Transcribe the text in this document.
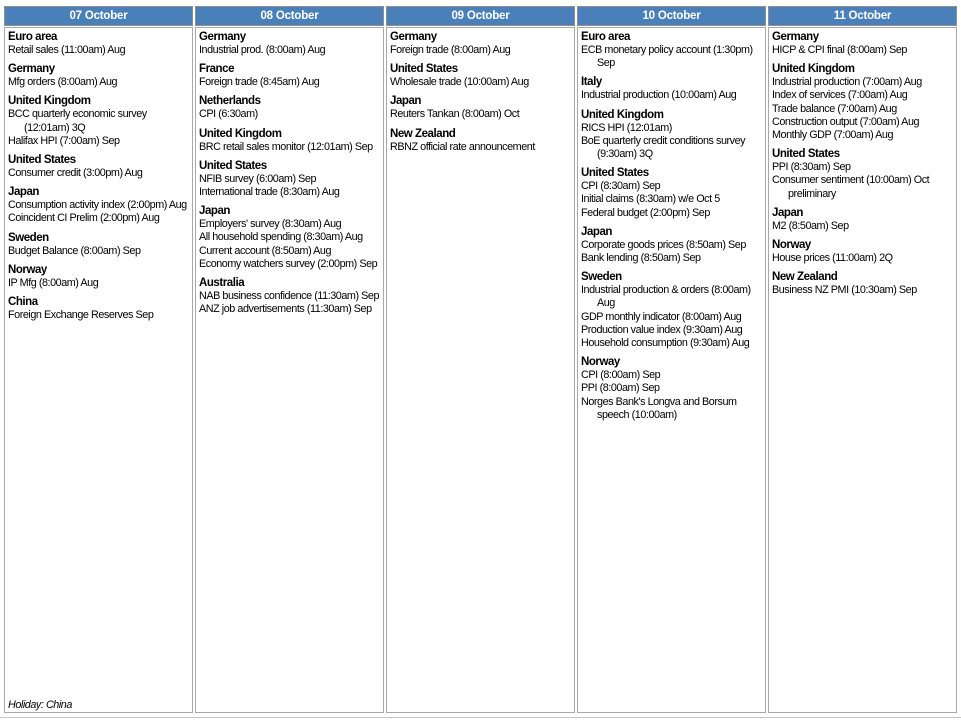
07 October	08 October	09 October	10 October	11 October

Euro area
Retail sales (11:00am) Aug
Germany
Mfg orders (8:00am) Aug
United Kingdom
BCC quarterly economic survey (12:01am) 3Q
Halifax HPI (7:00am) Sep
United States
Consumer credit (3:00pm) Aug
Japan
Consumption activity index (2:00pm) Aug
Coincident CI Prelim (2:00pm) Aug
Sweden
Budget Balance (8:00am) Sep
Norway
IP Mfg (8:00am) Aug
China
Foreign Exchange Reserves Sep
Holiday: China

Germany
Industrial prod. (8:00am) Aug
France
Foreign trade (8:45am) Aug
Netherlands
CPI (6:30am)
United Kingdom
BRC retail sales monitor (12:01am) Sep
United States
NFIB survey (6:00am) Sep
International trade (8:30am) Aug
Japan
Employers' survey (8:30am) Aug
All household spending (8:30am) Aug
Current account (8:50am) Aug
Economy watchers survey (2:00pm) Sep
Australia
NAB business confidence (11:30am) Sep
ANZ job advertisements (11:30am) Sep

Germany
Foreign trade (8:00am) Aug
United States
Wholesale trade (10:00am) Aug
Japan
Reuters Tankan (8:00am) Oct
New Zealand
RBNZ official rate announcement

Euro area
ECB monetary policy account (1:30pm) Sep
Italy
Industrial production (10:00am) Aug
United Kingdom
RICS HPI (12:01am)
BoE quarterly credit conditions survey (9:30am) 3Q
United States
CPI (8:30am) Sep
Initial claims (8:30am) w/e Oct 5
Federal budget (2:00pm) Sep
Japan
Corporate goods prices (8:50am) Sep
Bank lending (8:50am) Sep
Sweden
Industrial production & orders (8:00am) Aug
GDP monthly indicator (8:00am) Aug
Production value index (9:30am) Aug
Household consumption (9:30am) Aug
Norway
CPI (8:00am) Sep
PPI (8:00am) Sep
Norges Bank's Longva and Borsum speech (10:00am)

Germany
HICP & CPI final (8:00am) Sep
United Kingdom
Industrial production (7:00am) Aug
Index of services (7:00am) Aug
Trade balance (7:00am) Aug
Construction output (7:00am) Aug
Monthly GDP (7:00am) Aug
United States
PPI (8:30am) Sep
Consumer sentiment (10:00am) Oct preliminary
Japan
M2 (8:50am) Sep
Norway
House prices (11:00am) 2Q
New Zealand
Business NZ PMI (10:30am) Sep
